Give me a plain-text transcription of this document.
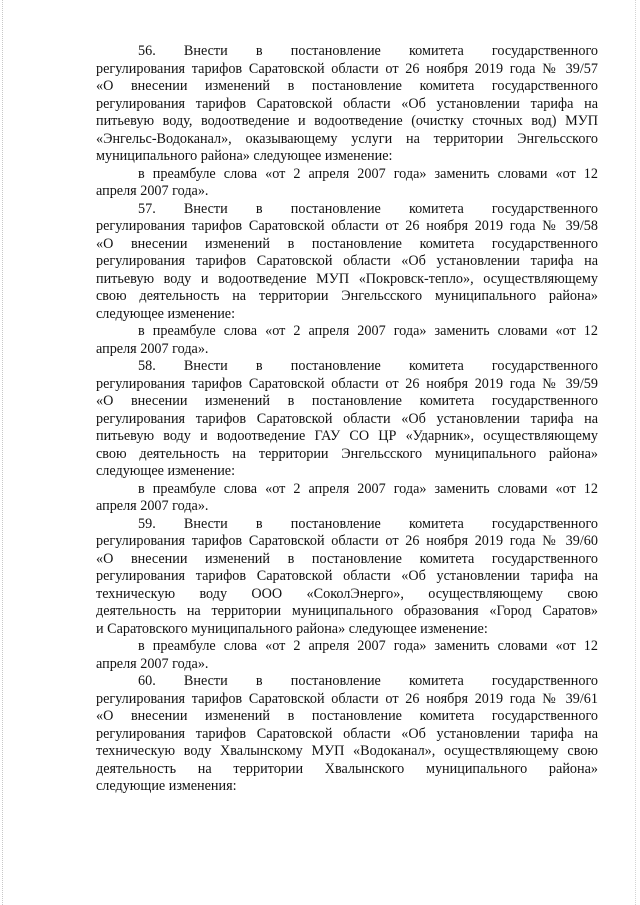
56. Внести в постановление комитета государственного
регулирования тарифов Саратовской области от 26 ноября 2019 года № 39/57
«О внесении изменений в постановление комитета государственного
регулирования тарифов Саратовской области «Об установлении тарифа на
питьевую воду, водоотведение и водоотведение (очистку сточных вод) МУП
«Энгельс-Водоканал», оказывающему услуги на территории Энгельсского
муниципального района» следующее изменение:
в преамбуле слова «от 2 апреля 2007 года» заменить словами «от 12
апреля 2007 года».
57. Внести в постановление комитета государственного
регулирования тарифов Саратовской области от 26 ноября 2019 года № 39/58
«О внесении изменений в постановление комитета государственного
регулирования тарифов Саратовской области «Об установлении тарифа на
питьевую воду и водоотведение МУП «Покровск-тепло», осуществляющему
свою деятельность на территории Энгельсского муниципального района»
следующее изменение:
в преамбуле слова «от 2 апреля 2007 года» заменить словами «от 12
апреля 2007 года».
58. Внести в постановление комитета государственного
регулирования тарифов Саратовской области от 26 ноября 2019 года № 39/59
«О внесении изменений в постановление комитета государственного
регулирования тарифов Саратовской области «Об установлении тарифа на
питьевую воду и водоотведение ГАУ СО ЦР «Ударник», осуществляющему
свою деятельность на территории Энгельсского муниципального района»
следующее изменение:
в преамбуле слова «от 2 апреля 2007 года» заменить словами «от 12
апреля 2007 года».
59. Внести в постановление комитета государственного
регулирования тарифов Саратовской области от 26 ноября 2019 года № 39/60
«О внесении изменений в постановление комитета государственного
регулирования тарифов Саратовской области «Об установлении тарифа на
техническую воду ООО «СоколЭнерго», осуществляющему свою
деятельность на территории муниципального образования «Город Саратов»
и Саратовского муниципального района» следующее изменение:
в преамбуле слова «от 2 апреля 2007 года» заменить словами «от 12
апреля 2007 года».
60. Внести в постановление комитета государственного
регулирования тарифов Саратовской области от 26 ноября 2019 года № 39/61
«О внесении изменений в постановление комитета государственного
регулирования тарифов Саратовской области «Об установлении тарифа на
техническую воду Хвалынскому МУП «Водоканал», осуществляющему свою
деятельность на территории Хвалынского муниципального района»
следующие изменения:
